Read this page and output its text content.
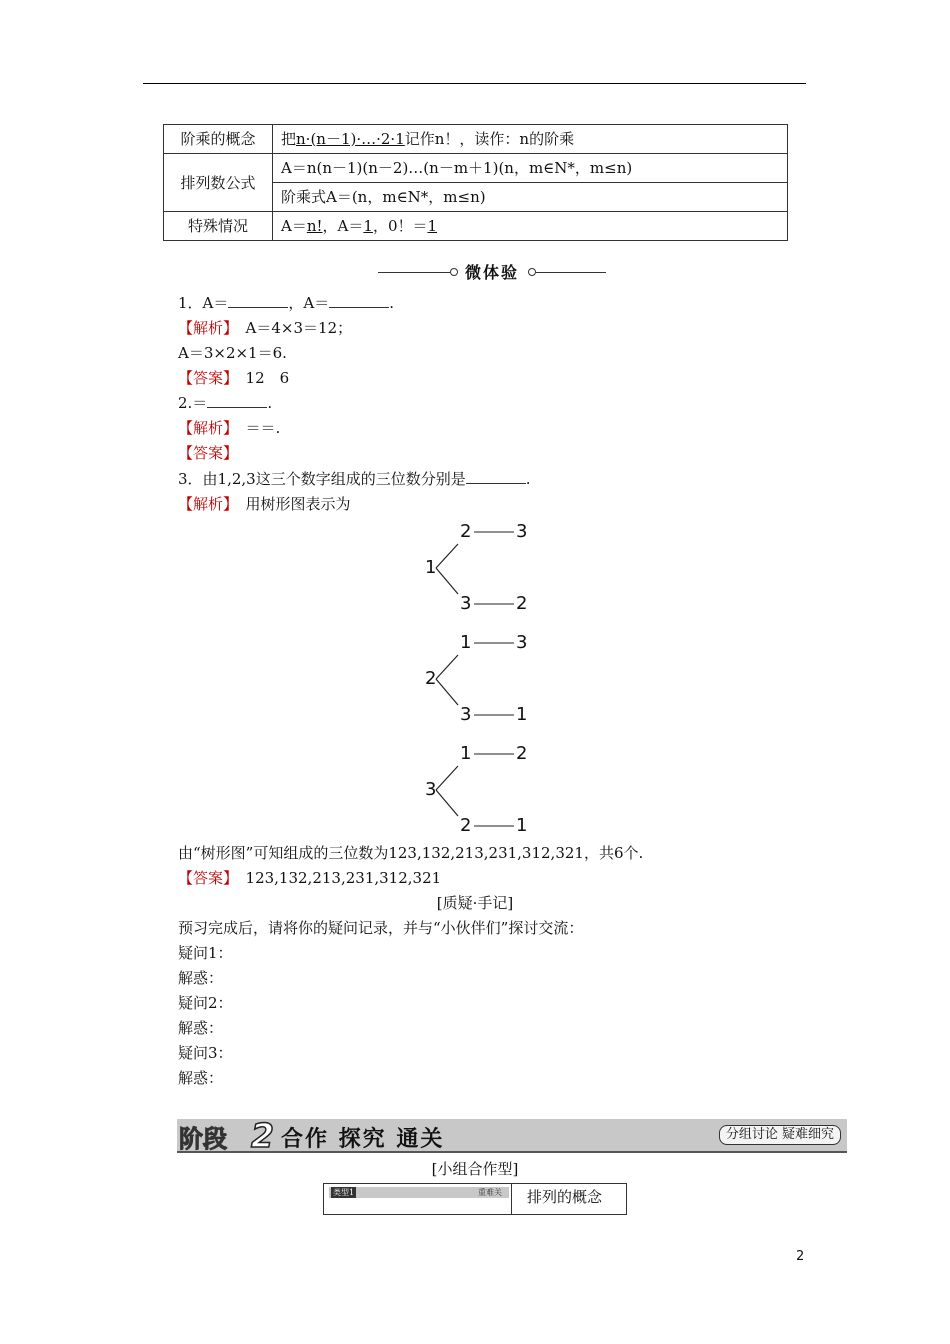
阶乘的概念	把n·(n－1)·…·2·1记作n！，读作：n的阶乘
排列数公式	A＝n(n－1)(n－2)…(n－m＋1)(n，m∈N*，m≤n)
	阶乘式A＝(n，m∈N*，m≤n)
特殊情况	A＝n!，A＝1，0！＝1
微体验
1．A＝	，A＝	.
【解析】　 A＝4×3＝12；
A＝3×2×1＝6.
【答案】　 12　6
2.＝	.
【解析】　 ＝＝.
【答案】
3．由1,2,3这三个数字组成的三位数分别是	.
【解析】　 用树形图表示为
1
2 3
3 2
2
1 3
3 1
3
1 2
2 1
由“树形图”可知组成的三位数为123,132,213,231,312,321，共6个.
【答案】　 123,132,213,231,312,321
[质疑·手记]
预习完成后，请将你的疑问记录，并与“小伙伴们”探讨交流：
疑问1：
解惑：
疑问2：
解惑：
疑问3：
解惑：
阶段 2 合作 探究 通关	分组讨论 疑难细究
[小组合作型]
类型1	重难关 排列的概念
2
